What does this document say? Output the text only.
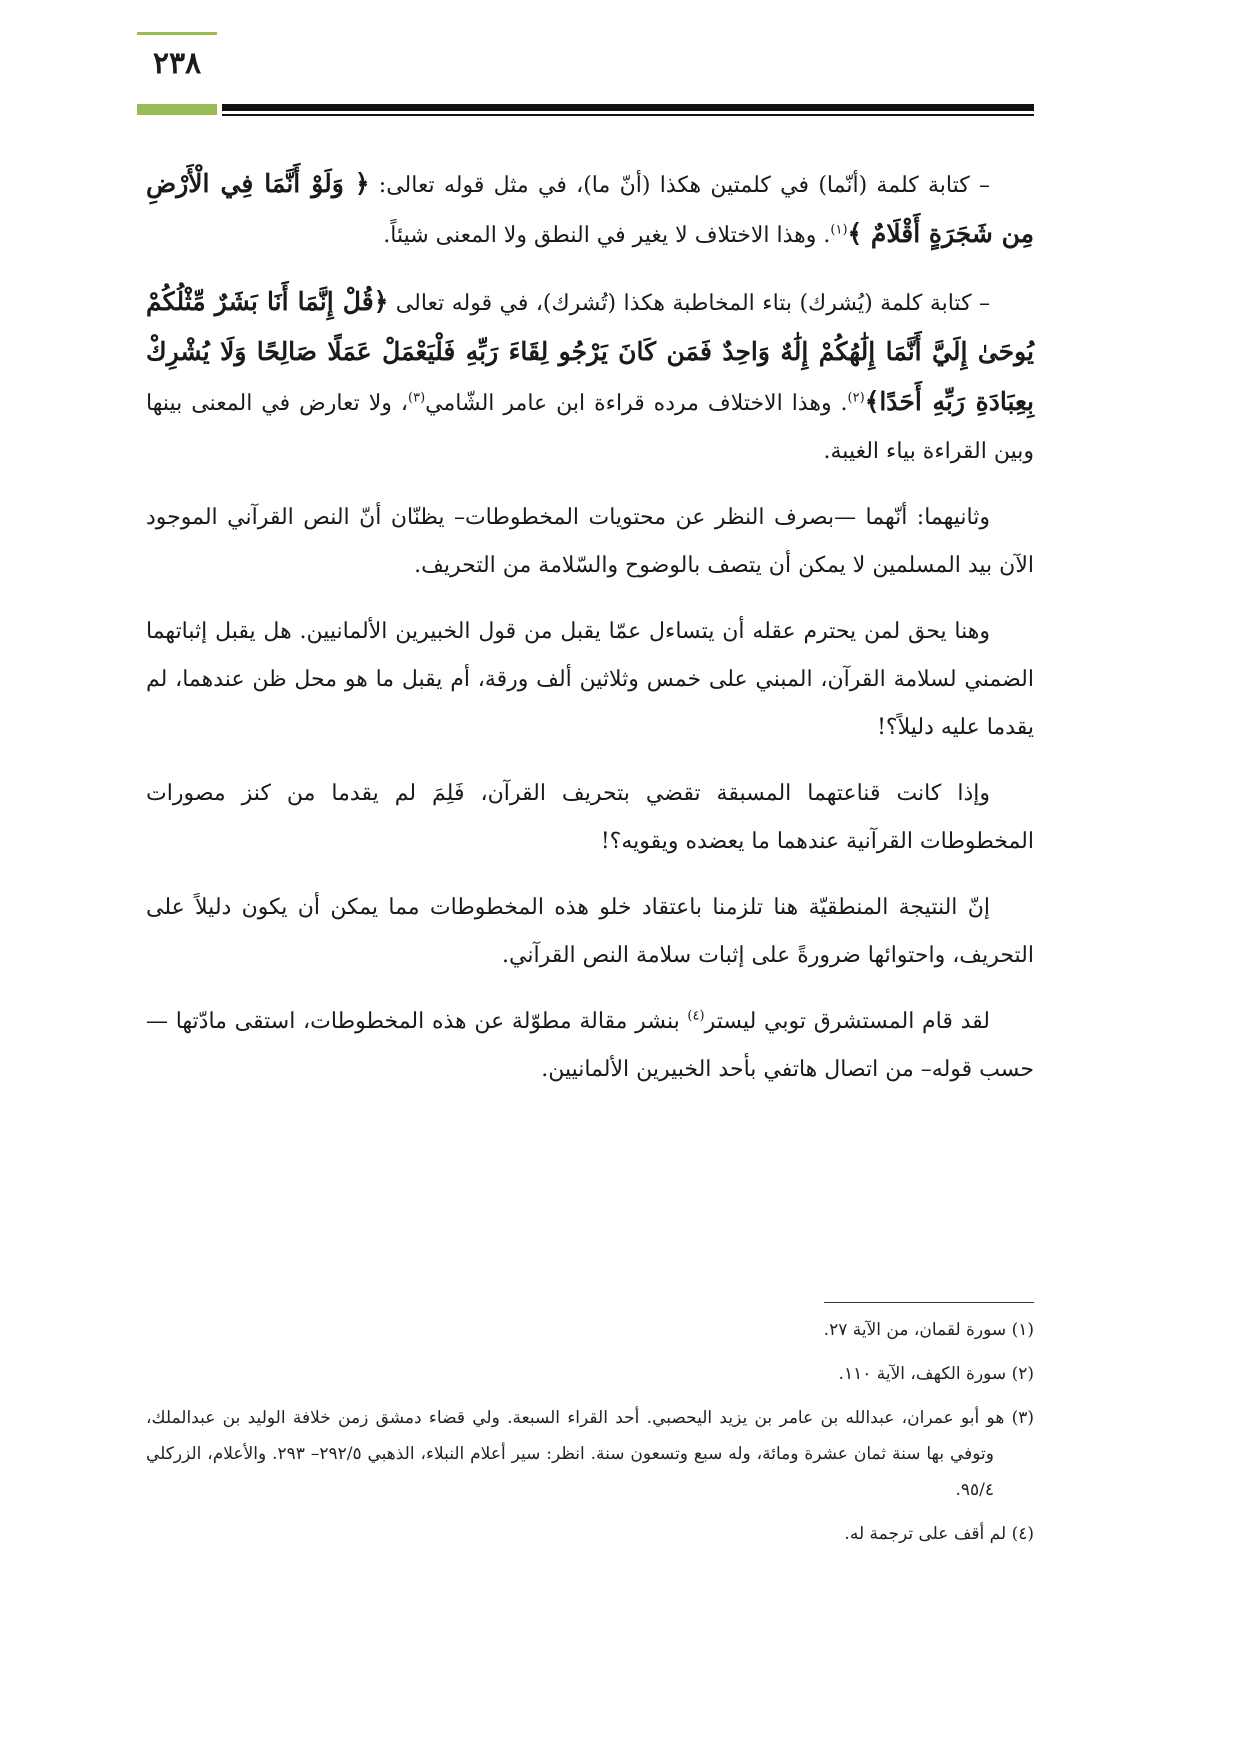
٢٣٨

– كتابة كلمة (أنّما) في كلمتين هكذا (أنّ ما)، في مثل قوله تعالى: ﴿ وَلَوْ أَنَّمَا فِي الْأَرْضِ مِن شَجَرَةٍ أَقْلَامٌ ﴾$^{(١)}$. وهذا الاختلاف لا يغير في النطق ولا المعنى شيئاً.

– كتابة كلمة (يُشرك) بتاء المخاطبة هكذا (تُشرك)، في قوله تعالى ﴿قُلْ إِنَّمَا أَنَا بَشَرٌ مِّثْلُكُمْ يُوحَىٰ إِلَيَّ أَنَّمَا إِلَٰهُكُمْ إِلَٰهٌ وَاحِدٌ فَمَن كَانَ يَرْجُو لِقَاءَ رَبِّهِ فَلْيَعْمَلْ عَمَلًا صَالِحًا وَلَا يُشْرِكْ بِعِبَادَةِ رَبِّهِ أَحَدًا﴾$^{(٢)}$. وهذا الاختلاف مرده قراءة ابن عامر الشّامي$^{(٣)}$، ولا تعارض في المعنى بينها وبين القراءة بياء الغيبة.

وثانيهما: أنّهما —بصرف النظر عن محتويات المخطوطات– يظنّان أنّ النص القرآني الموجود الآن بيد المسلمين لا يمكن أن يتصف بالوضوح والسّلامة من التحريف.

وهنا يحق لمن يحترم عقله أن يتساءل عمّا يقبل من قول الخبيرين الألمانيين. هل يقبل إثباتهما الضمني لسلامة القرآن، المبني على خمس وثلاثين ألف ورقة، أم يقبل ما هو محل ظن عندهما، لم يقدما عليه دليلاً؟!

وإذا كانت قناعتهما المسبقة تقضي بتحريف القرآن، فَلِمَ لم يقدما من كنز مصورات المخطوطات القرآنية عندهما ما يعضده ويقويه؟!

إنّ النتيجة المنطقيّة هنا تلزمنا باعتقاد خلو هذه المخطوطات مما يمكن أن يكون دليلاً على التحريف، واحتوائها ضرورةً على إثبات سلامة النص القرآني.

لقد قام المستشرق توبي ليستر$^{(٤)}$ بنشر مقالة مطوّلة عن هذه المخطوطات، استقى مادّتها —حسب قوله– من اتصال هاتفي بأحد الخبيرين الألمانيين.

(١) سورة لقمان، من الآية ٢٧.

(٢) سورة الكهف، الآية ١١٠.

(٣) هو أبو عمران، عبدالله بن عامر بن يزيد اليحصبي. أحد القراء السبعة. ولي قضاء دمشق زمن خلافة الوليد بن عبدالملك، وتوفي بها سنة ثمان عشرة ومائة، وله سبع وتسعون سنة. انظر: سير أعلام النبلاء، الذهبي ٢٩٢/٥– ٢٩٣. والأعلام، الزركلي ٩٥/٤.

(٤) لم أقف على ترجمة له.
